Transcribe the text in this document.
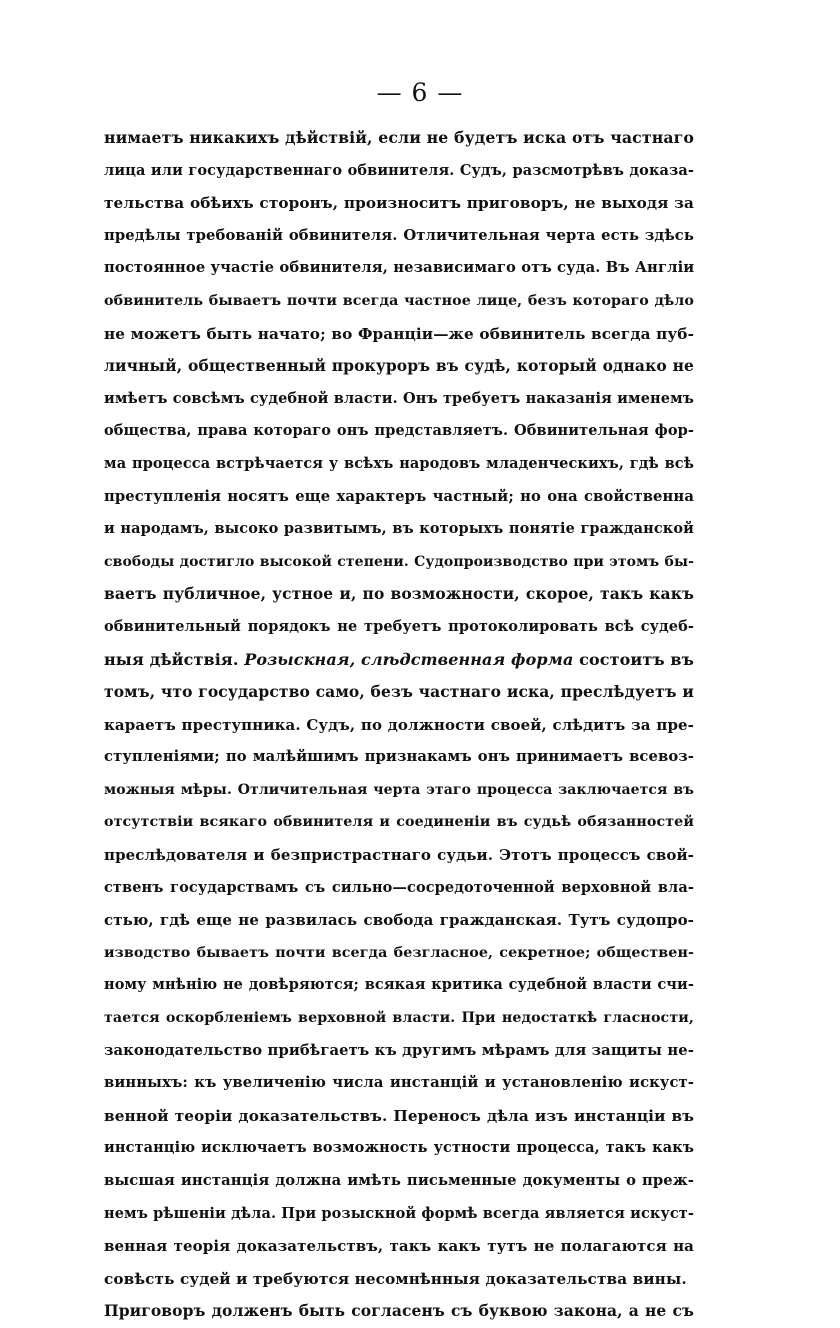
— 6 —
нимаетъ никакихъ дѣйствій, если не будетъ иска отъ частнаго
лица или государственнаго обвинителя. Судъ, разсмотрѣвъ доказа-
тельства обѣихъ сторонъ, произноситъ приговоръ, не выходя за
предѣлы требованій обвинителя. Отличительная черта есть здѣсь
постоянное участіе обвинителя, независимаго отъ суда. Въ Англіи
обвинитель бываетъ почти всегда частное лице, безъ котораго дѣло
не можетъ быть начато; во Франціи—же обвинитель всегда пуб-
личный, общественный прокуроръ въ судѣ, который однако не
имѣетъ совсѣмъ судебной власти. Онъ требуетъ наказанія именемъ
общества, права котораго онъ представляетъ. Обвинительная фор-
ма процесса встрѣчается у всѣхъ народовъ младенческихъ, гдѣ всѣ
преступленія носятъ еще характеръ частный; но она свойственна
и народамъ, высоко развитымъ, въ которыхъ понятіе гражданской
свободы достигло высокой степени. Судопроизводство при этомъ бы-
ваетъ публичное, устное и, по возможности, скорое, такъ какъ
обвинительный порядокъ не требуетъ протоколировать всѣ судеб-
ныя дѣйствія. Розыскная, слѣдственная форма состоитъ въ
томъ, что государство само, безъ частнаго иска, преслѣдуетъ и
караетъ преступника. Судъ, по должности своей, слѣдитъ за пре-
ступленіями; по малѣйшимъ признакамъ онъ принимаетъ всевоз-
можныя мѣры. Отличительная черта этаго процесса заключается въ
отсутствіи всякаго обвинителя и соединеніи въ судьѣ обязанностей
преслѣдователя и безпристрастнаго судьи. Этотъ процессъ свой-
ственъ государствамъ съ сильно—сосредоточенной верховной вла-
стью, гдѣ еще не развилась свобода гражданская. Тутъ судопро-
изводство бываетъ почти всегда безгласное, секретное; обществен-
ному мнѣнію не довѣряются; всякая критика судебной власти счи-
тается оскорбленіемъ верховной власти. При недостаткѣ гласности,
законодательство прибѣгаетъ къ другимъ мѣрамъ для защиты не-
винныхъ: къ увеличенію числа инстанцій и установленію искуст-
венной теоріи доказательствъ. Переносъ дѣла изъ инстанціи въ
инстанцію исключаетъ возможность устности процесса, такъ какъ
высшая инстанція должна имѣть письменные документы о преж-
немъ рѣшеніи дѣла. При розыскной формѣ всегда является искуст-
венная теорія доказательствъ, такъ какъ тутъ не полагаются на
совѣсть судей и требуются несомнѣнныя доказательства вины.
Приговоръ долженъ быть согласенъ съ буквою закона, а не съ
